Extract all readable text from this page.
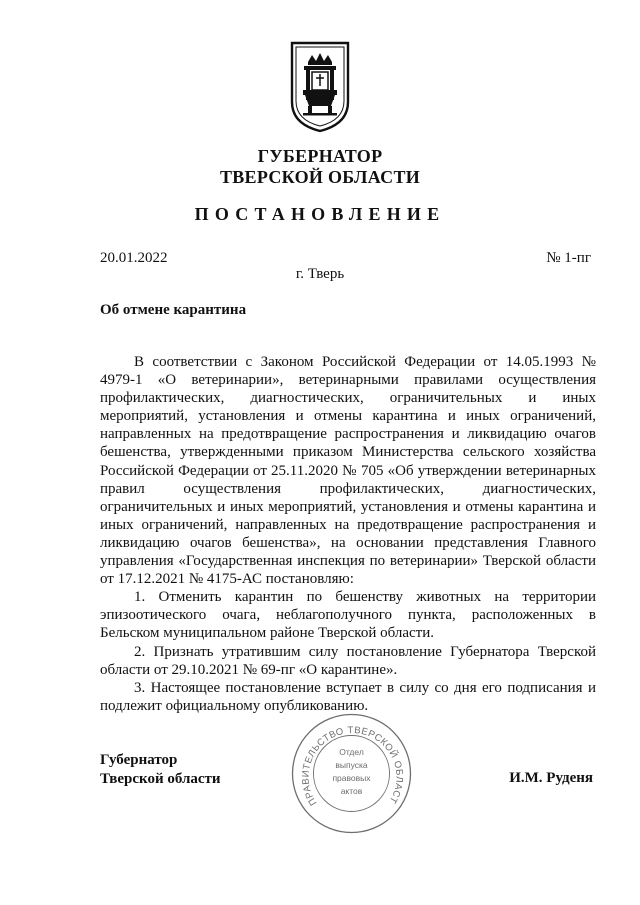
ГУБЕРНАТОР
ТВЕРСКОЙ ОБЛАСТИ
ПОСТАНОВЛЕНИЕ
20.01.2022	№ 1-пг
г. Тверь
Об отмене карантина

В соответствии с Законом Российской Федерации от 14.05.1993 № 4979-1 «О ветеринарии», ветеринарными правилами осуществления профилактических, диагностических, ограничительных и иных мероприятий, установления и отмены карантина и иных ограничений, направленных на предотвращение распространения и ликвидацию очагов бешенства, утвержденными приказом Министерства сельского хозяйства Российской Федерации от 25.11.2020 № 705 «Об утверждении ветеринарных правил осуществления профилактических, диагностических, ограничительных и иных мероприятий, установления и отмены карантина и иных ограничений, направленных на предотвращение распространения и ликвидацию очагов бешенства», на основании представления Главного управления «Государственная инспекция по ветеринарии» Тверской области от 17.12.2021 № 4175-АС постановляю:

1. Отменить карантин по бешенству животных на территории эпизоотического очага, неблагополучного пункта, расположенных в Бельском муниципальном районе Тверской области.

2. Признать утратившим силу постановление Губернатора Тверской области от 29.10.2021 № 69-пг «О карантине».

3. Настоящее постановление вступает в силу со дня его подписания и подлежит официальному опубликованию.

ПРАВИТЕЛЬСТВО ТВЕРСКОЙ ОБЛАСТ
Отдел
выпуска
правовых
актов
Губернатор
Тверской области	И.М. Руденя
